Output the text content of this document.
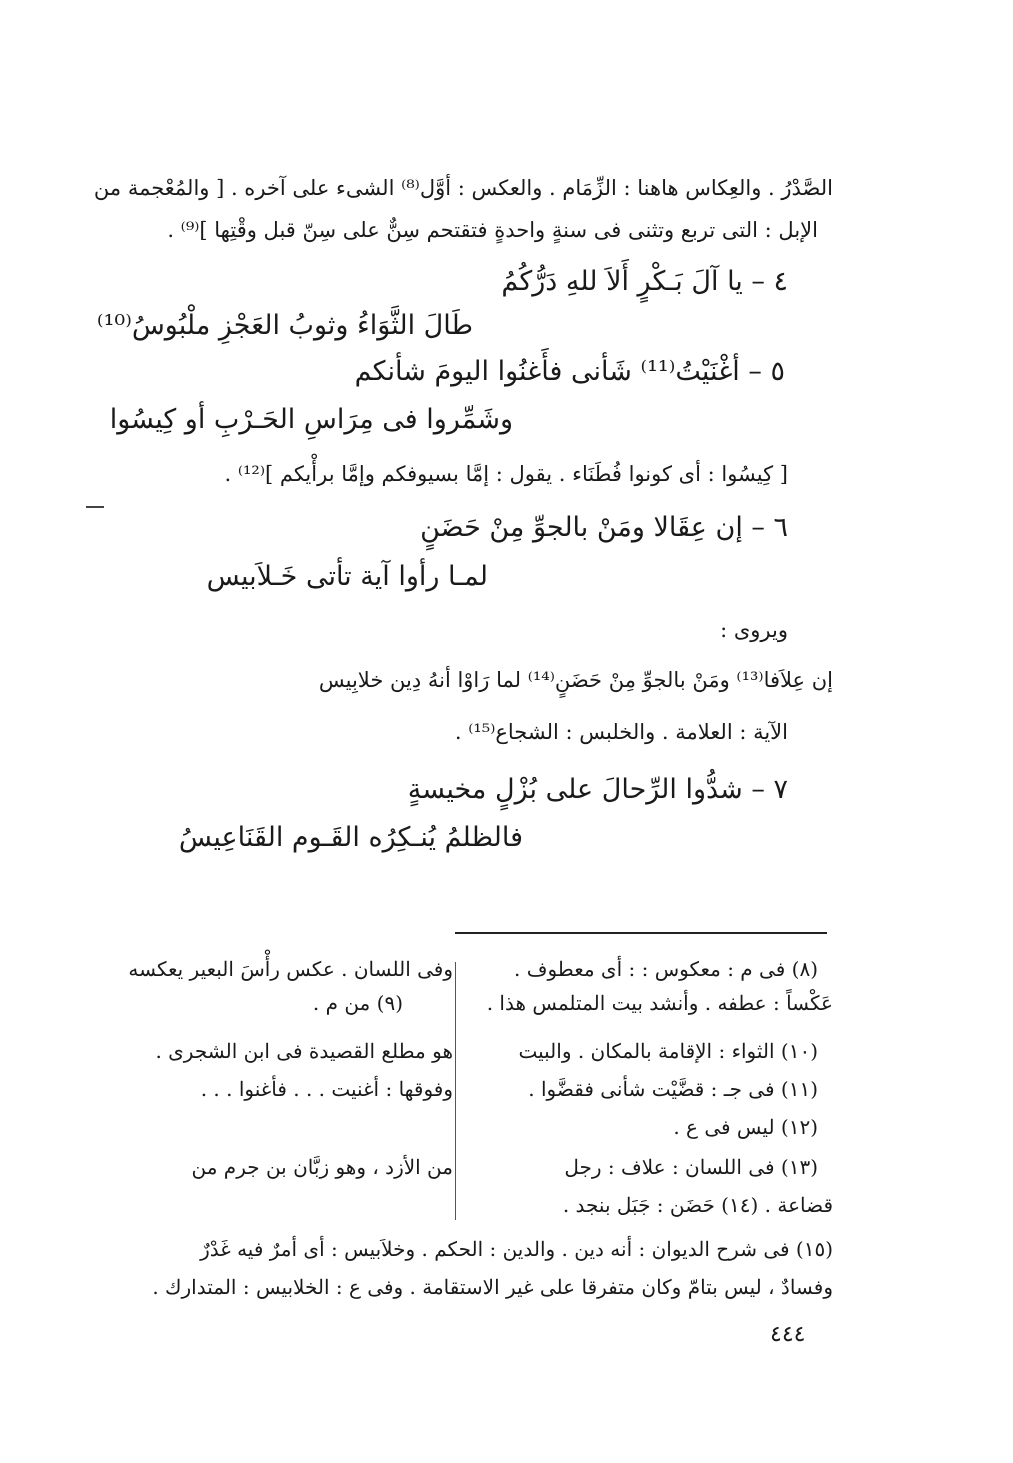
الصَّدْرُ . والعِكاس هاهنا : الزِّمَام . والعكس : أوَّل⁽⁸⁾ الشىء على آخره . [ والمُعْجمة من
الإبل : التى تربع وتثنى فى سنةٍ واحدةٍ فتقتحم سِنٌّ على سِنّ قبل وقْتِها ]⁽⁹⁾ .
٤ – يا آلَ بَـكْرٍ أَلاَ للهِ دَرُّكُمُ
طَالَ الثَّوَاءُ وثوبُ العَجْزِ ملْبُوسُ⁽¹⁰⁾
٥ – أغْنَيْتُ⁽¹¹⁾ شَأنى فأَغنُوا اليومَ شأنكم
وشَمِّروا فى مِرَاسِ الحَـرْبِ أو كِيسُوا
[ كِيسُوا : أى كونوا فُطَنَاء . يقول : إمَّا بسيوفكم وإمَّا برأْيكم ]⁽¹²⁾ .
٦ – إن عِقَالا ومَنْ بالجوِّ مِنْ حَضَنٍ
لمـا رأوا آية تأتى خَـلاَبيس
ويروى :
إن عِلاَفا⁽¹³⁾ ومَنْ بالجوِّ مِنْ حَضَنٍ⁽¹⁴⁾ لما رَاوْا أنهُ دِين خلابِيس
الآية : العلامة . والخلبس : الشجاع⁽¹⁵⁾ .
٧ – شدُّوا الرِّحالَ على بُزْلٍ مخيسةٍ
فالظلمُ يُنـكِرُه القَـوم القَنَاعِيسُ
(٨) فى م : معكوس : : أى معطوف .
وفى اللسان . عكس رأْسَ البعير يعكسه
عَكْساً : عطفه . وأنشد بيت المتلمس هذا .
(٩) من م .
(١٠) الثواء : الإقامة بالمكان . والبيت
هو مطلع القصيدة فى ابن الشجرى .
(١١) فى جـ : قضَّيْت شأنى فقضَّوا .
وفوقها : أغنيت . . . فأغنوا . . .
(١٢) ليس فى ع .
(١٣) فى اللسان : علاف : رجل
من الأزد ، وهو زبَّان بن جرم من
قضاعة . (١٤) حَضَن : جَبَل بنجد .
(١٥) فى شرح الديوان : أنه دين . والدين : الحكم . وخلاَبيس : أى أمرٌ فيه غَدْرٌ
وفسادٌ ، ليس بتامّ وكان متفرقا على غير الاستقامة . وفى ع : الخلابيس : المتدارك .
٤٤٤
